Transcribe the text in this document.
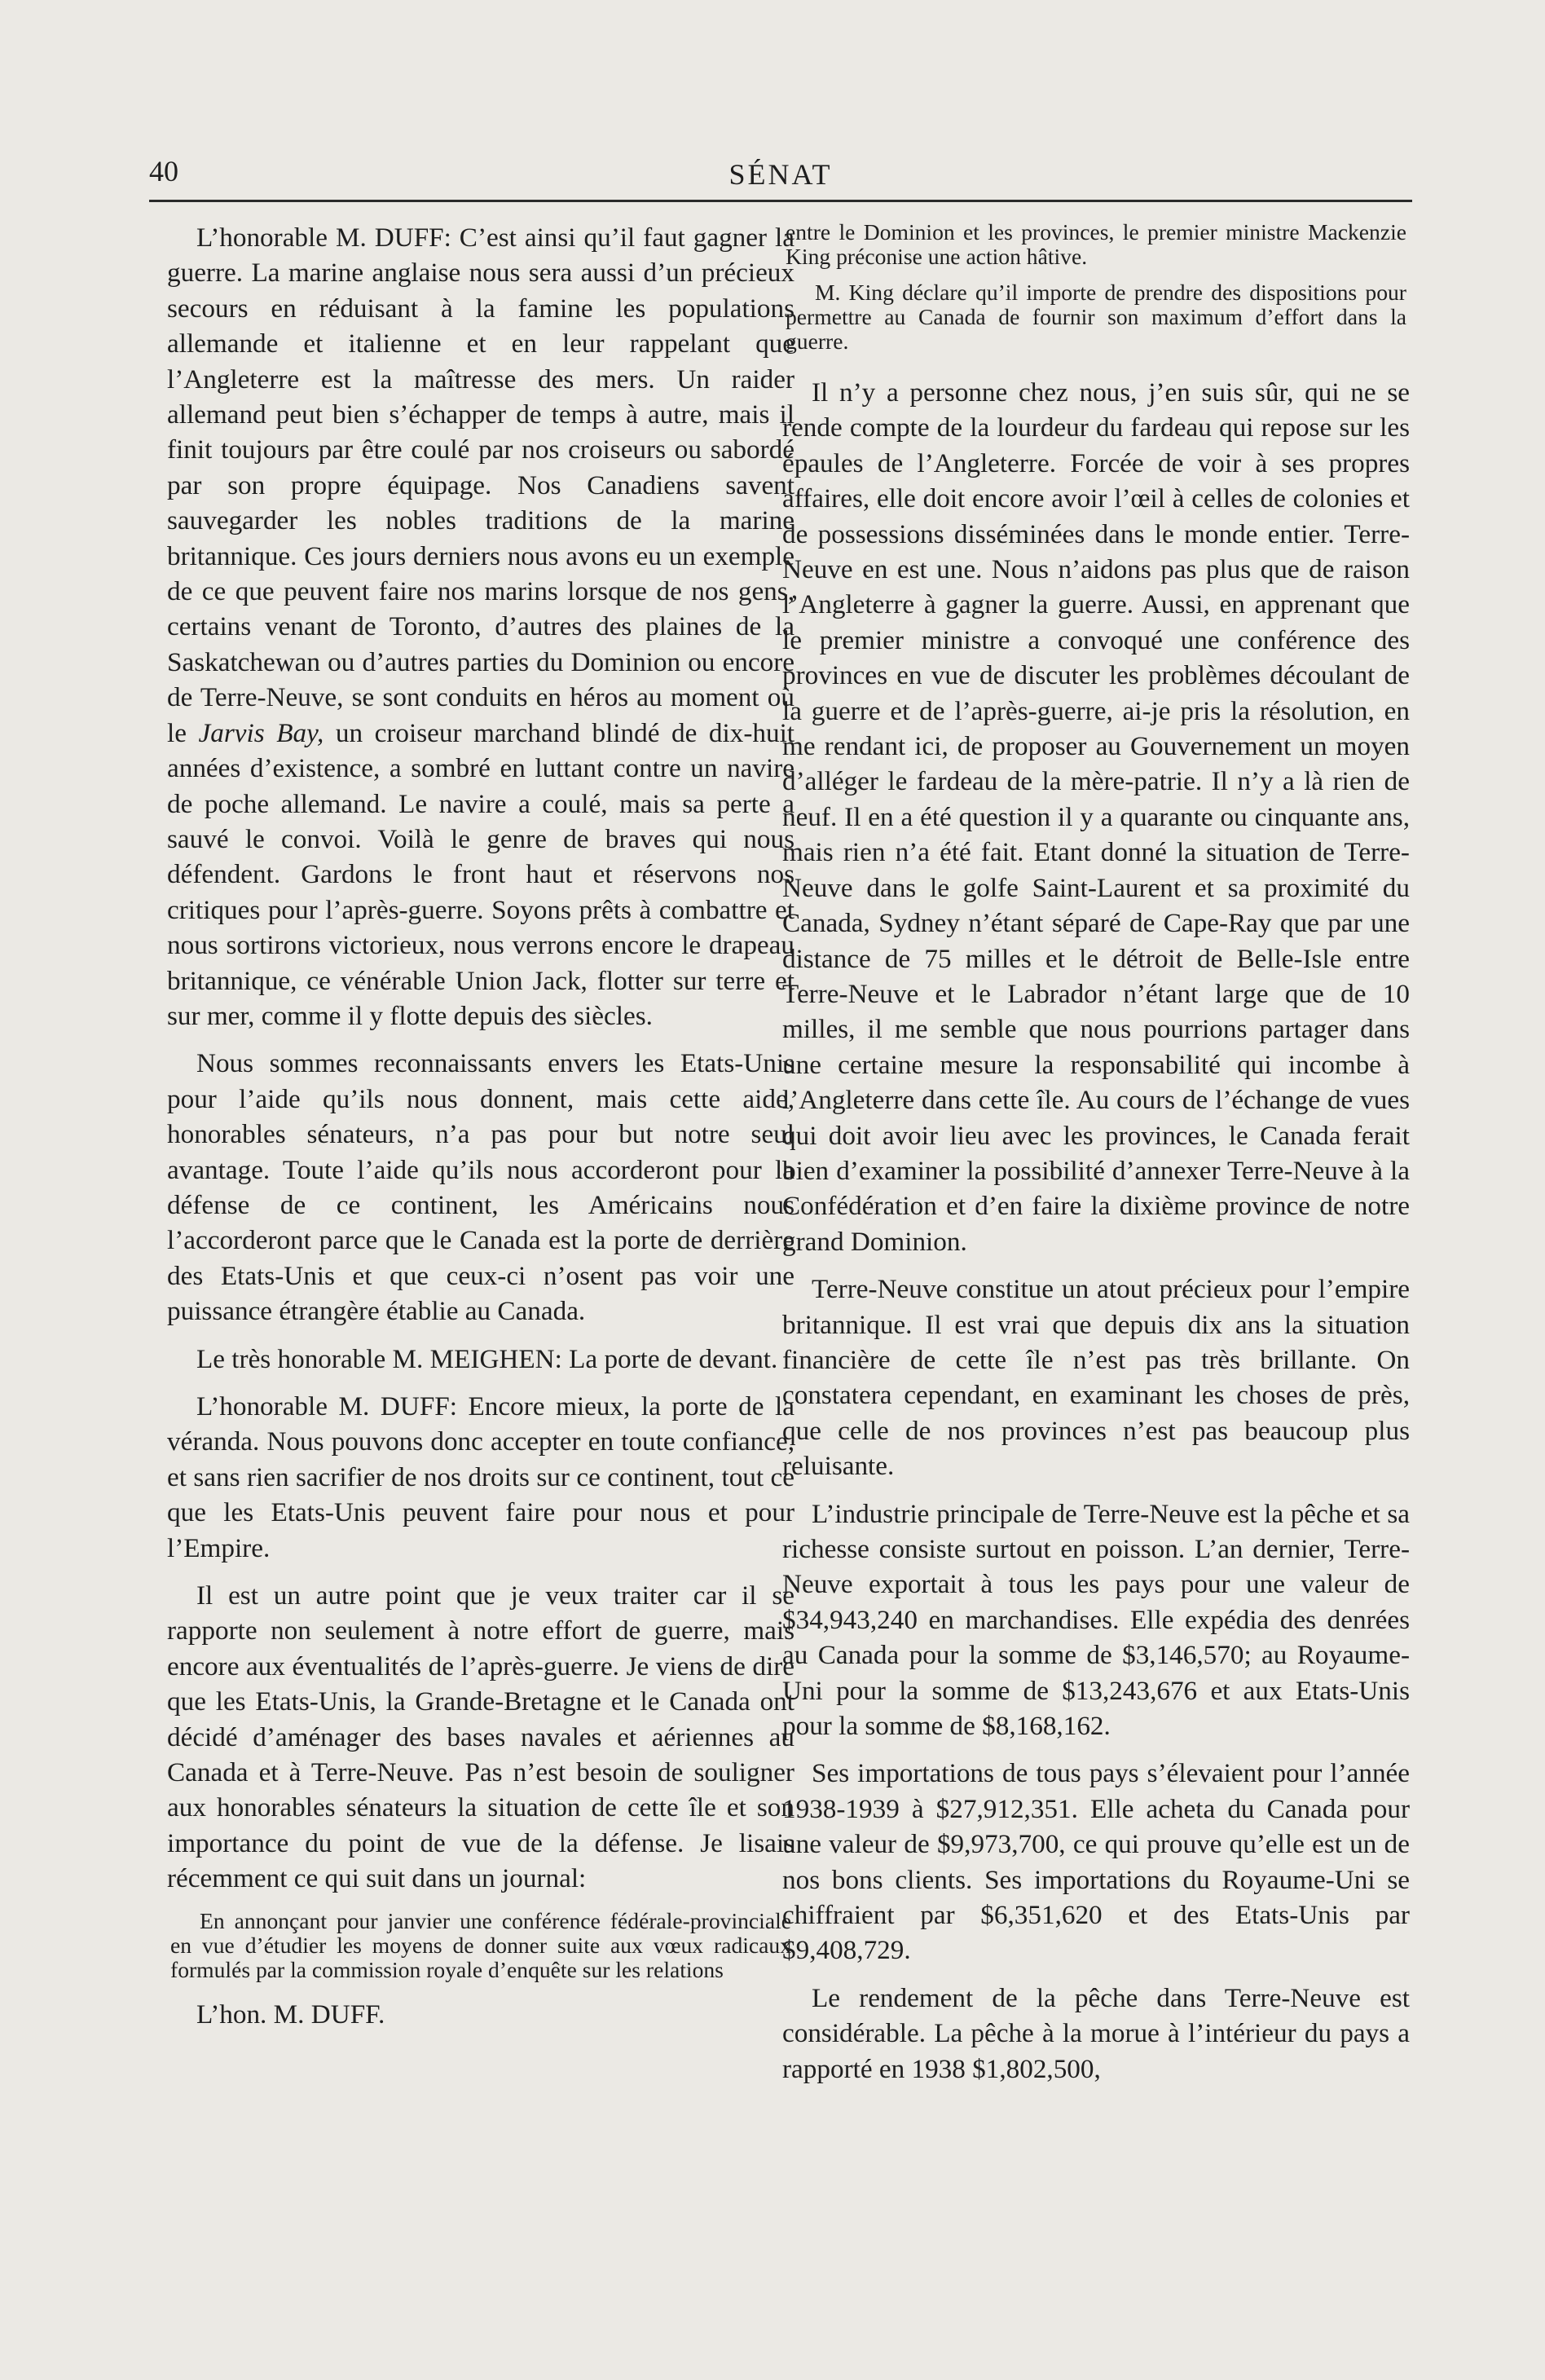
40	SÉNAT

L’honorable M. DUFF: C’est ainsi qu’il faut gagner la guerre. La marine anglaise nous sera aussi d’un précieux secours en réduisant à la famine les populations allemande et italienne et en leur rappelant que l’Angleterre est la maîtresse des mers. Un raider allemand peut bien s’échapper de temps à autre, mais il finit toujours par être coulé par nos croiseurs ou sabordé par son propre équipage. Nos Canadiens savent sauvegarder les nobles traditions de la marine britannique. Ces jours derniers nous avons eu un exemple de ce que peuvent faire nos marins lorsque de nos gens, certains venant de Toronto, d’autres des plaines de la Saskatchewan ou d’autres parties du Dominion ou encore de Terre-Neuve, se sont conduits en héros au moment où le Jarvis Bay, un croiseur marchand blindé de dix-huit années d’existence, a sombré en luttant contre un navire de poche allemand. Le navire a coulé, mais sa perte a sauvé le convoi. Voilà le genre de braves qui nous défendent. Gardons le front haut et réservons nos critiques pour l’après-guerre. Soyons prêts à combattre et nous sortirons victorieux, nous verrons encore le drapeau britannique, ce vénérable Union Jack, flotter sur terre et sur mer, comme il y flotte depuis des siècles.

Nous sommes reconnaissants envers les Etats-Unis pour l’aide qu’ils nous donnent, mais cette aide, honorables sénateurs, n’a pas pour but notre seul avantage. Toute l’aide qu’ils nous accorderont pour la défense de ce continent, les Américains nous l’accorderont parce que le Canada est la porte de derrière des Etats-Unis et que ceux-ci n’osent pas voir une puissance étrangère établie au Canada.

Le très honorable M. MEIGHEN: La porte de devant.

L’honorable M. DUFF: Encore mieux, la porte de la véranda. Nous pouvons donc accepter en toute confiance, et sans rien sacrifier de nos droits sur ce continent, tout ce que les Etats-Unis peuvent faire pour nous et pour l’Empire.

Il est un autre point que je veux traiter car il se rapporte non seulement à notre effort de guerre, mais encore aux éventualités de l’après-guerre. Je viens de dire que les Etats-Unis, la Grande-Bretagne et le Canada ont décidé d’aménager des bases navales et aériennes au Canada et à Terre-Neuve. Pas n’est besoin de souligner aux honorables sénateurs la situation de cette île et son importance du point de vue de la défense. Je lisais récemment ce qui suit dans un journal:

En annonçant pour janvier une conférence fédérale-provinciale en vue d’étudier les moyens de donner suite aux vœux radicaux formulés par la commission royale d’enquête sur les relations

L’hon. M. DUFF.

entre le Dominion et les provinces, le premier ministre Mackenzie King préconise une action hâtive.
M. King déclare qu’il importe de prendre des dispositions pour permettre au Canada de fournir son maximum d’effort dans la guerre.

Il n’y a personne chez nous, j’en suis sûr, qui ne se rende compte de la lourdeur du fardeau qui repose sur les épaules de l’Angleterre. Forcée de voir à ses propres affaires, elle doit encore avoir l’œil à celles de colonies et de possessions disséminées dans le monde entier. Terre-Neuve en est une. Nous n’aidons pas plus que de raison l’Angleterre à gagner la guerre. Aussi, en apprenant que le premier ministre a convoqué une conférence des provinces en vue de discuter les problèmes découlant de la guerre et de l’après-guerre, ai-je pris la résolution, en me rendant ici, de proposer au Gouvernement un moyen d’alléger le fardeau de la mère-patrie. Il n’y a là rien de neuf. Il en a été question il y a quarante ou cinquante ans, mais rien n’a été fait. Etant donné la situation de Terre-Neuve dans le golfe Saint-Laurent et sa proximité du Canada, Sydney n’étant séparé de Cape-Ray que par une distance de 75 milles et le détroit de Belle-Isle entre Terre-Neuve et le Labrador n’étant large que de 10 milles, il me semble que nous pourrions partager dans une certaine mesure la responsabilité qui incombe à l’Angleterre dans cette île. Au cours de l’échange de vues qui doit avoir lieu avec les provinces, le Canada ferait bien d’examiner la possibilité d’annexer Terre-Neuve à la Confédération et d’en faire la dixième province de notre grand Dominion.

Terre-Neuve constitue un atout précieux pour l’empire britannique. Il est vrai que depuis dix ans la situation financière de cette île n’est pas très brillante. On constatera cependant, en examinant les choses de près, que celle de nos provinces n’est pas beaucoup plus reluisante.

L’industrie principale de Terre-Neuve est la pêche et sa richesse consiste surtout en poisson. L’an dernier, Terre-Neuve exportait à tous les pays pour une valeur de $34,943,240 en marchandises. Elle expédia des denrées au Canada pour la somme de $3,146,570; au Royaume-Uni pour la somme de $13,243,676 et aux Etats-Unis pour la somme de $8,168,162.

Ses importations de tous pays s’élevaient pour l’année 1938-1939 à $27,912,351. Elle acheta du Canada pour une valeur de $9,973,700, ce qui prouve qu’elle est un de nos bons clients. Ses importations du Royaume-Uni se chiffraient par $6,351,620 et des Etats-Unis par $9,408,729.

Le rendement de la pêche dans Terre-Neuve est considérable. La pêche à la morue à l’intérieur du pays a rapporté en 1938 $1,802,500,
